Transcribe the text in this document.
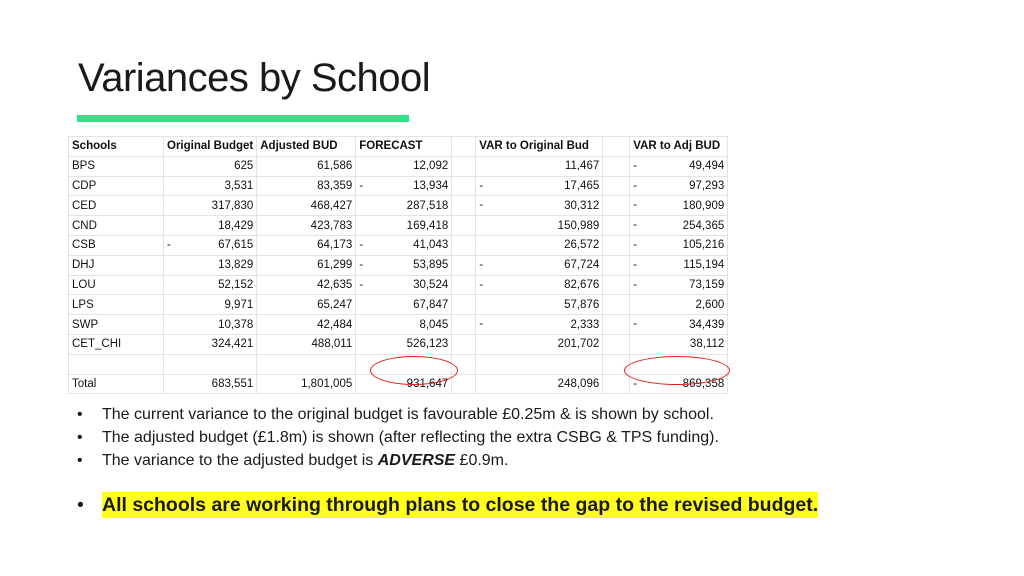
Variances by School
Schools	Original Budget	Adjusted BUD	FORECAST		VAR to Original Bud		VAR to Adj BUD
BPS	625	61,586	12,092		11,467		- 49,494
CDP	3,531	83,359	- 13,934		- 17,465		- 97,293
CED	317,830	468,427	287,518		- 30,312		- 180,909
CND	18,429	423,783	169,418		150,989		- 254,365
CSB	- 67,615	64,173	- 41,043		26,572		- 105,216
DHJ	13,829	61,299	- 53,895		- 67,724		- 115,194
LOU	52,152	42,635	- 30,524		- 82,676		- 73,159
LPS	9,971	65,247	67,847		57,876		2,600
SWP	10,378	42,484	8,045		- 2,333		- 34,439
CET_CHI	324,421	488,011	526,123		201,702		38,112

Total	683,551	1,801,005	931,647		248,096		- 869,358
• The current variance to the original budget is favourable £0.25m & is shown by school.
• The adjusted budget (£1.8m) is shown (after reflecting the extra CSBG & TPS funding).
• The variance to the adjusted budget is ADVERSE £0.9m.
• All schools are working through plans to close the gap to the revised budget.
